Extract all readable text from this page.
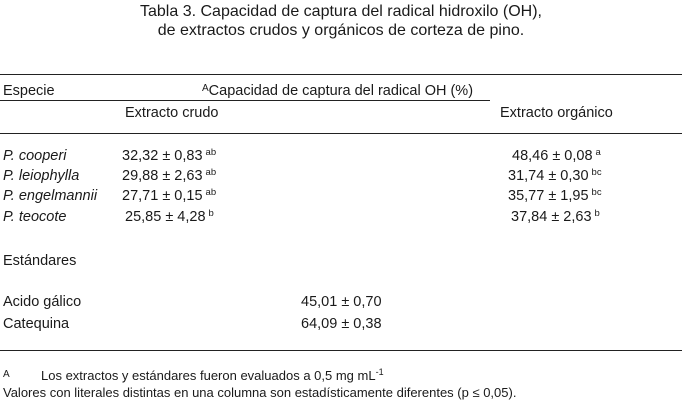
Tabla 3. Capacidad de captura del radical hidroxilo (OH),
de extractos crudos y orgánicos de corteza de pino.
Especie	$^A$Capacidad de captura del radical OH (%)
Extracto crudo	Extracto orgánico
P. cooperi	32,32 ± 0,83 $^{ab}$	48,46 ± 0,08 $^a$
P. leiophylla	29,88 ± 2,63 $^{ab}$	31,74 ± 0,30 $^{bc}$
P. engelmannii 27,71 ± 0,15 $^{ab}$	35,77 ± 1,95 $^{bc}$
P. teocote	25,85 ± 4,28 $^b$	37,84 ± 2,63 $^b$
Estándares
Acido gálico	45,01 ± 0,70
Catequina	64,09 ± 0,38
A Los extractos y estándares fueron evaluados a 0,5 mg $mL^{-1}$
Valores con literales distintas en una columna son estadísticamente diferentes (p ≤ 0,05).
